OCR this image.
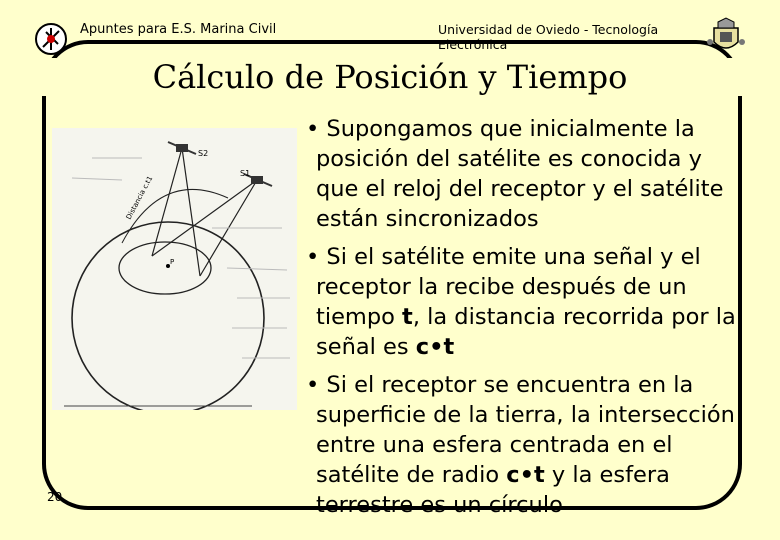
Apuntes para E.S. Marina Civil	Universidad de Oviedo - Tecnología Electrónica
Cálculo de Posición y Tiempo
S2
S1
P
Distancia c.t1
• Supongamos que inicialmente la posición del satélite es conocida y que el reloj del receptor y el satélite están sincronizados
• Si el satélite emite una señal y el receptor la recibe después de un tiempo t, la distancia recorrida por la señal es c•t
• Si el receptor se encuentra en la superficie de la tierra, la intersección entre una esfera centrada en el satélite de radio c•t y la esfera terrestre es un círculo
20
